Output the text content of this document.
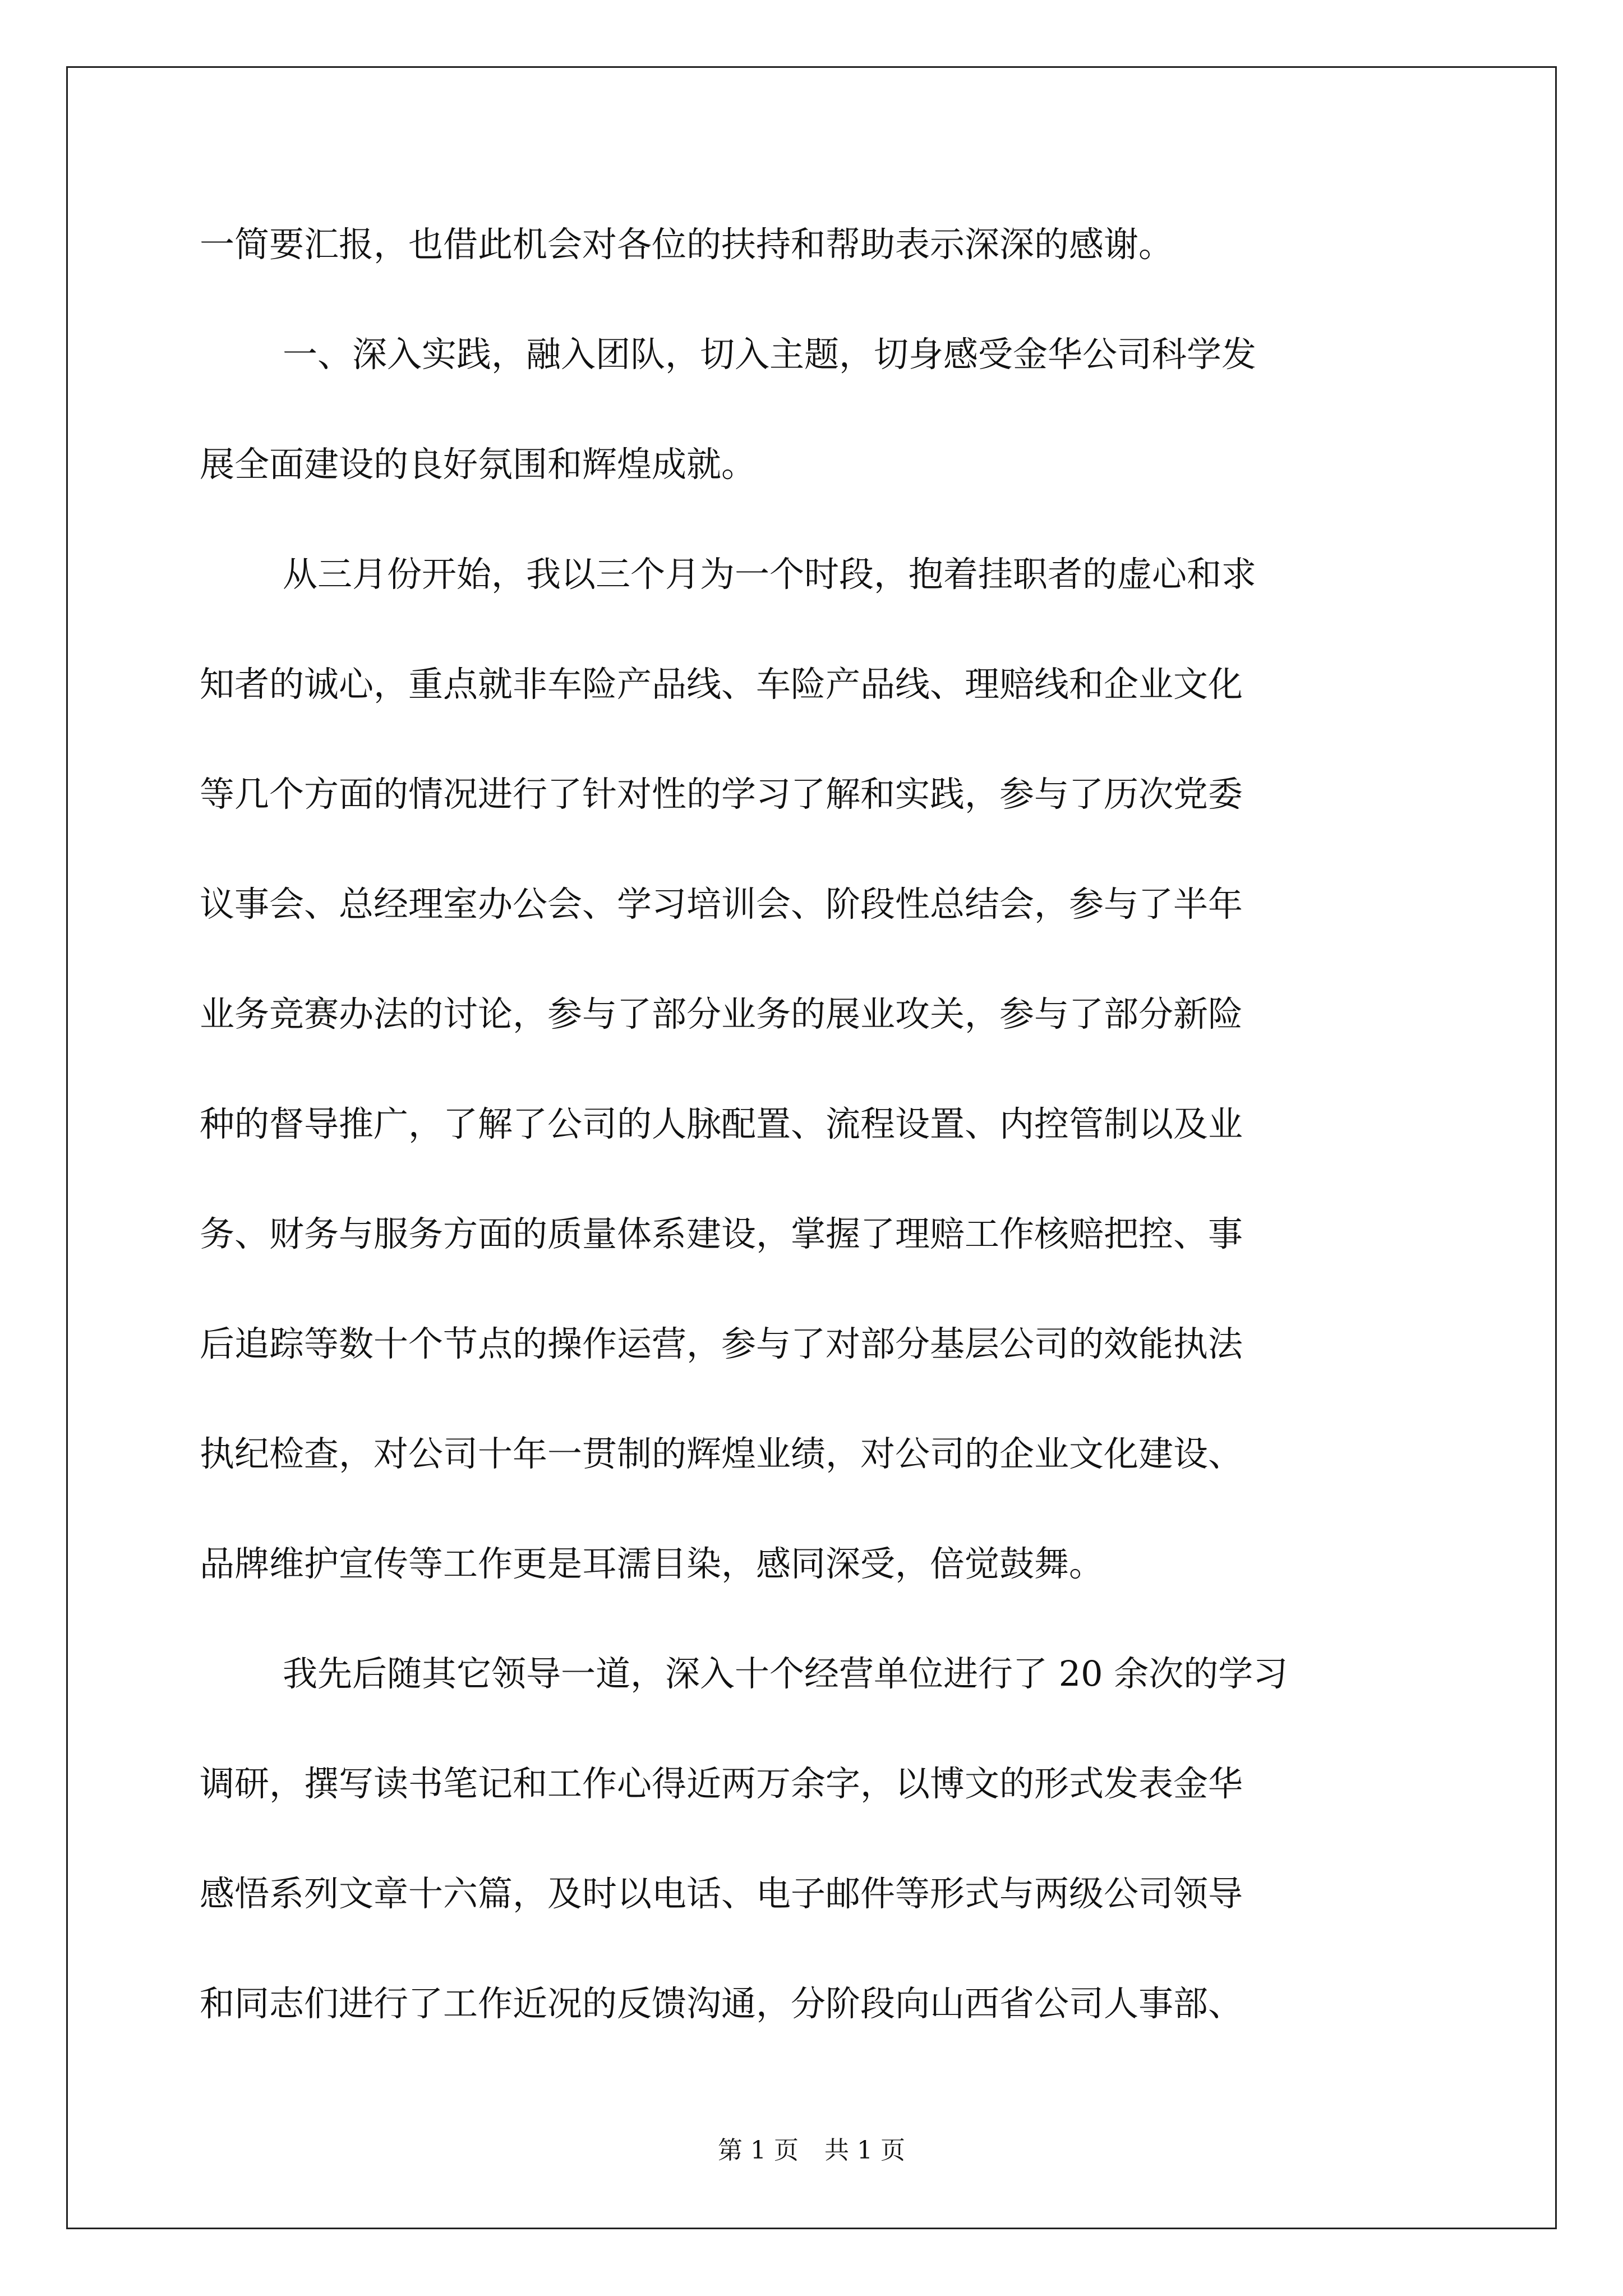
一简要汇报，也借此机会对各位的扶持和帮助表示深深的感谢。
一、深入实践，融入团队，切入主题，切身感受金华公司科学发
展全面建设的良好氛围和辉煌成就。
从三月份开始，我以三个月为一个时段，抱着挂职者的虚心和求
知者的诚心，重点就非车险产品线、车险产品线、理赔线和企业文化
等几个方面的情况进行了针对性的学习了解和实践，参与了历次党委
议事会、总经理室办公会、学习培训会、阶段性总结会，参与了半年
业务竞赛办法的讨论，参与了部分业务的展业攻关，参与了部分新险
种的督导推广，了解了公司的人脉配置、流程设置、内控管制以及业
务、财务与服务方面的质量体系建设，掌握了理赔工作核赔把控、事
后追踪等数十个节点的操作运营，参与了对部分基层公司的效能执法
执纪检查，对公司十年一贯制的辉煌业绩，对公司的企业文化建设、
品牌维护宣传等工作更是耳濡目染，感同深受，倍觉鼓舞。
我先后随其它领导一道，深入十个经营单位进行了 20 余次的学习
调研，撰写读书笔记和工作心得近两万余字，以博文的形式发表金华
感悟系列文章十六篇，及时以电话、电子邮件等形式与两级公司领导
和同志们进行了工作近况的反馈沟通，分阶段向山西省公司人事部、
第 1 页 共 1 页
